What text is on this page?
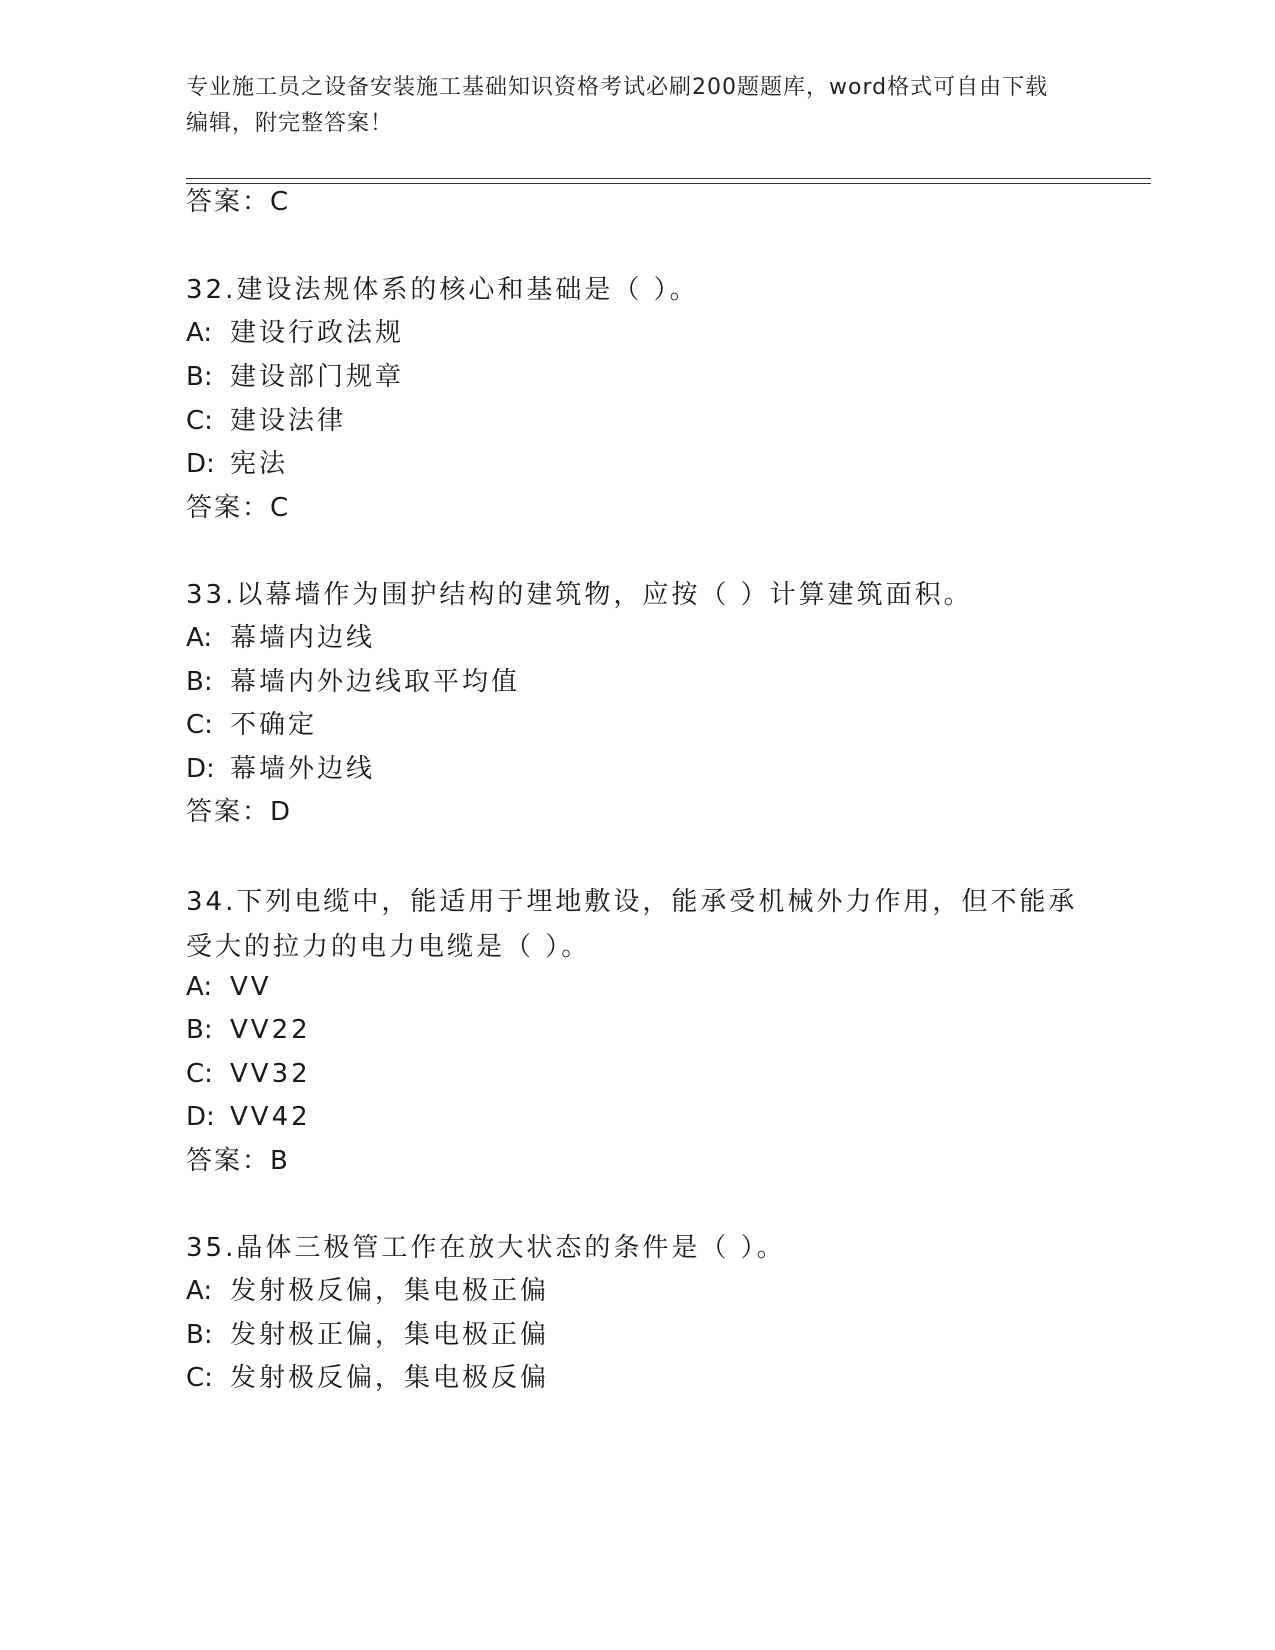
专业施工员之设备安装施工基础知识资格考试必刷200题题库，word格式可自由下载编辑，附完整答案！
答案：C
32.建设法规体系的核心和基础是（ ）。
A: 建设行政法规
B: 建设部门规章
C: 建设法律
D: 宪法
答案：C
33.以幕墙作为围护结构的建筑物，应按（ ）计算建筑面积。
A: 幕墙内边线
B: 幕墙内外边线取平均值
C: 不确定
D: 幕墙外边线
答案：D
34.下列电缆中，能适用于埋地敷设，能承受机械外力作用，但不能承受大的拉力的电力电缆是（ ）。
A: VV
B: VV22
C: VV32
D: VV42
答案：B
35.晶体三极管工作在放大状态的条件是（ ）。
A: 发射极反偏，集电极正偏
B: 发射极正偏，集电极正偏
C: 发射极反偏，集电极反偏
